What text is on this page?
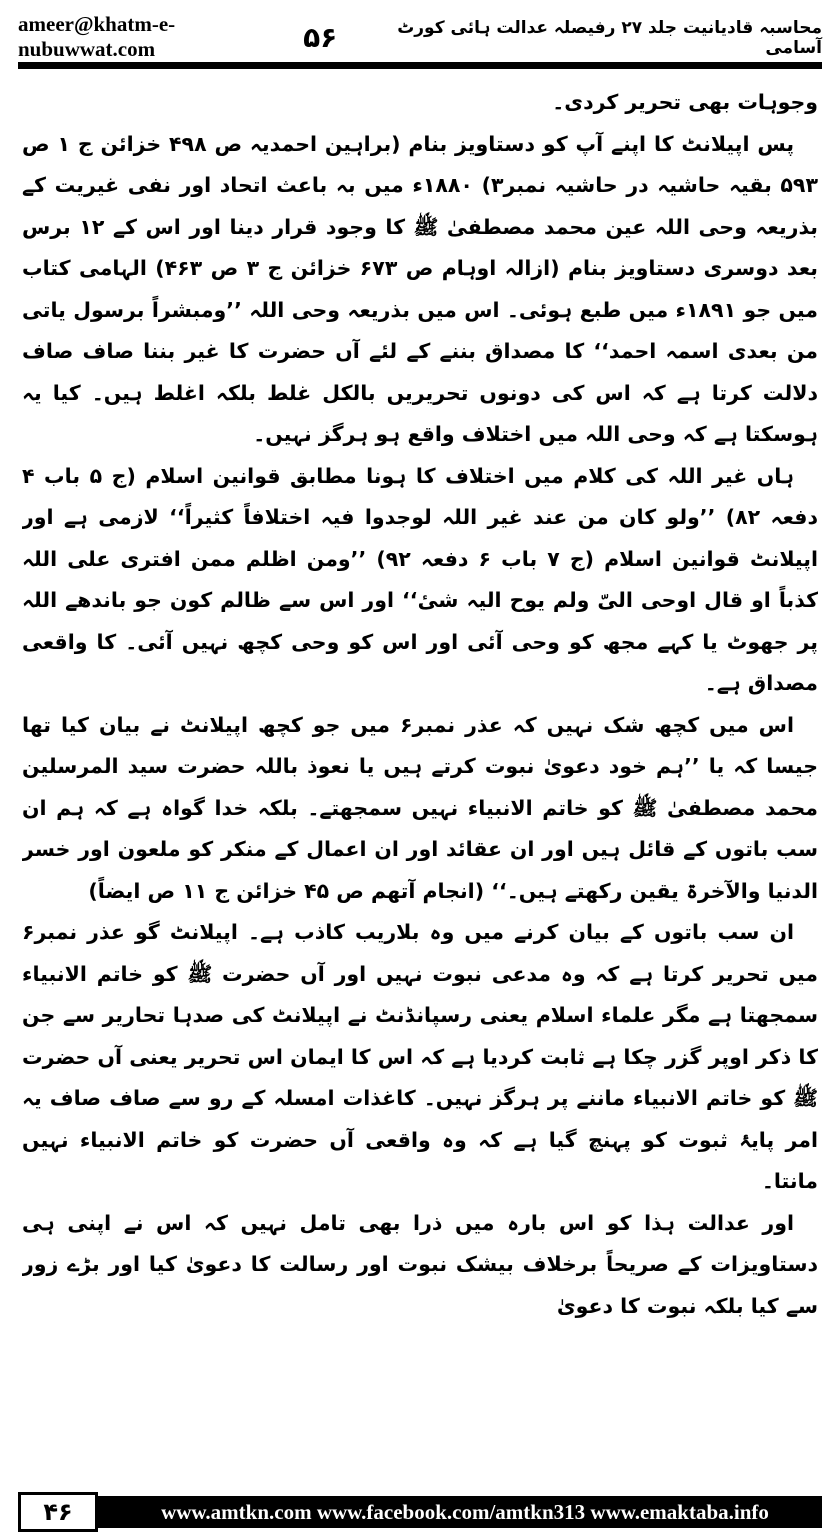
ameer@khatm-e-nubuwwat.com
محاسبہ قادیانیت جلد ۲۷ رفیصلہ عدالت ہائی کورٹ آسامی
۵۶

وجوہات بھی تحریر کردی۔

پس اپیلانٹ کا اپنے آپ کو دستاویز بنام (براہین احمدیہ ص ۴۹۸ خزائن ج ۱ ص ۵۹۳ بقیہ حاشیہ در حاشیہ نمبر۳) ۱۸۸۰ء میں بہ باعث اتحاد اور نفی غیریت کے بذریعہ وحی اللہ عین محمد مصطفیٰ ﷺ کا وجود قرار دینا اور اس کے ۱۲ برس بعد دوسری دستاویز بنام (ازالہ اوہام ص ۶۷۳ خزائن ج ۳ ص ۴۶۳) الہامی کتاب میں جو ۱۸۹۱ء میں طبع ہوئی۔ اس میں بذریعہ وحی اللہ ’’ومبشراً برسول یاتی من بعدی اسمہ احمد‘‘ کا مصداق بننے کے لئے آں حضرت کا غیر بننا صاف صاف دلالت کرتا ہے کہ اس کی دونوں تحریریں بالکل غلط بلکہ اغلط ہیں۔ کیا یہ ہوسکتا ہے کہ وحی اللہ میں اختلاف واقع ہو ہرگز نہیں۔

ہاں غیر اللہ کی کلام میں اختلاف کا ہونا مطابق قوانین اسلام (ج ۵ باب ۴ دفعہ ۸۲) ’’ولو کان من عند غیر اللہ لوجدوا فیہ اختلافاً کثیراً‘‘ لازمی ہے اور اپیلانٹ قوانین اسلام (ج ۷ باب ۶ دفعہ ۹۲) ’’ومن اظلم ممن افتری علی اللہ کذباً او قال اوحی الیّ ولم یوح الیہ شیٔ‘‘ اور اس سے ظالم کون جو باندھے اللہ پر جھوٹ یا کہے مجھ کو وحی آئی اور اس کو وحی کچھ نہیں آئی۔ کا واقعی مصداق ہے۔

اس میں کچھ شک نہیں کہ عذر نمبر۶ میں جو کچھ اپیلانٹ نے بیان کیا تھا جیسا کہ یا ’’ہم خود دعویٰ نبوت کرتے ہیں یا نعوذ باللہ حضرت سید المرسلین محمد مصطفیٰ ﷺ کو خاتم الانبیاء نہیں سمجھتے۔ بلکہ خدا گواہ ہے کہ ہم ان سب باتوں کے قائل ہیں اور ان عقائد اور ان اعمال کے منکر کو ملعون اور خسر الدنیا والآخرۃ یقین رکھتے ہیں۔‘‘ (انجام آتھم ص ۴۵ خزائن ج ۱۱ ص ایضاً)

ان سب باتوں کے بیان کرنے میں وہ بلاریب کاذب ہے۔ اپیلانٹ گو عذر نمبر۶ میں تحریر کرتا ہے کہ وہ مدعی نبوت نہیں اور آں حضرت ﷺ کو خاتم الانبیاء سمجھتا ہے مگر علماء اسلام یعنی رسپانڈنٹ نے اپیلانٹ کی صدہا تحاریر سے جن کا ذکر اوپر گزر چکا ہے ثابت کردیا ہے کہ اس کا ایمان اس تحریر یعنی آں حضرت ﷺ کو خاتم الانبیاء ماننے پر ہرگز نہیں۔ کاغذات امسلہ کے رو سے صاف صاف یہ امر پایۂ ثبوت کو پہنچ گیا ہے کہ وہ واقعی آں حضرت کو خاتم الانبیاء نہیں مانتا۔

اور عدالت ہذا کو اس بارہ میں ذرا بھی تامل نہیں کہ اس نے اپنی ہی دستاویزات کے صریحاً برخلاف بیشک نبوت اور رسالت کا دعویٰ کیا اور بڑے زور سے کیا بلکہ نبوت کا دعویٰ

www.amtkn.com www.facebook.com/amtkn313 www.emaktaba.info
۴۶
